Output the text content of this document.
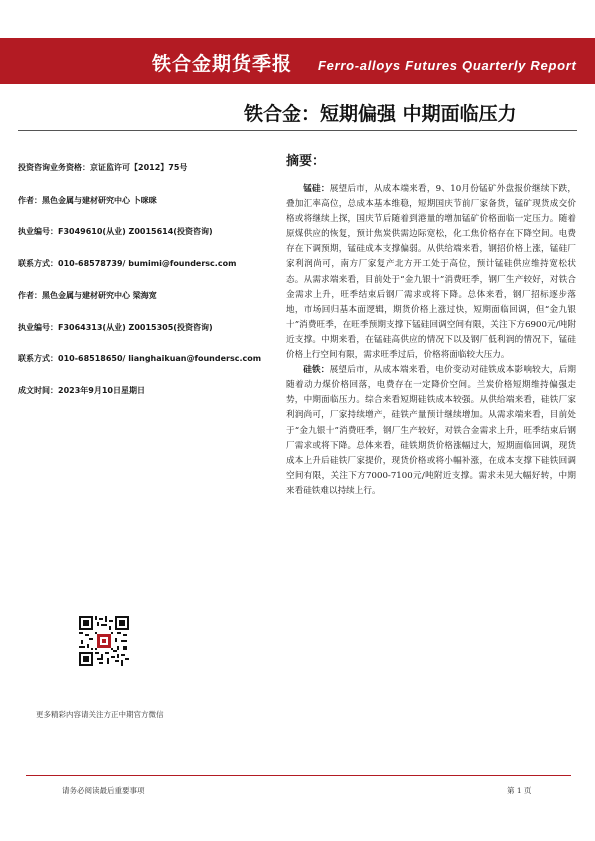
铁合金期货季报 Ferro-alloys Futures Quarterly Report
铁合金：短期偏强 中期面临压力
投资咨询业务资格：京证监许可【2012】75号
作者：黑色金属与建材研究中心 卜咪咪
执业编号：F3049610(从业) Z0015614(投资咨询)
联系方式：010-68578739/ bumimi@foundersc.com
作者：黑色金属与建材研究中心 梁海宽
执业编号：F3064313(从业) Z0015305(投资咨询)
联系方式：010-68518650/ lianghaikuan@foundersc.com
成文时间：2023年9月10日星期日
摘要：

锰硅：展望后市，从成本端来看，9、10月份锰矿外盘报价继续下跌，叠加汇率高位，总成本基本维稳，短期国庆节前厂家备货，锰矿现货成交价格或将继续上探，国庆节后随着到港量的增加锰矿价格面临一定压力。随着原煤供应的恢复，预计焦炭供需边际宽松，化工焦价格存在下降空间。电费存在下调预期，锰硅成本支撑偏弱。从供给端来看，钢招价格上涨，锰硅厂家利润尚可，南方厂家复产北方开工处于高位，预计锰硅供应维持宽松状态。从需求端来看，目前处于“金九银十”消费旺季，钢厂生产较好，对铁合金需求上升，旺季结束后钢厂需求或将下降。总体来看，钢厂招标逐步落地，市场回归基本面逻辑，期货价格上涨过快，短期面临回调，但“金九银十”消费旺季，在旺季预期支撑下锰硅回调空间有限，关注下方6900元/吨附近支撑。中期来看，在锰硅高供应的情况下以及钢厂低利润的情况下，锰硅价格上行空间有限，需求旺季过后，价格将面临较大压力。

硅铁：展望后市，从成本端来看，电价变动对硅铁成本影响较大，后期随着动力煤价格回落，电费存在一定降价空间。兰炭价格短期维持偏强走势，中期面临压力。综合来看短期硅铁成本较强。从供给端来看，硅铁厂家利润尚可，厂家持续增产，硅铁产量预计继续增加。从需求端来看，目前处于“金九银十”消费旺季，钢厂生产较好，对铁合金需求上升，旺季结束后钢厂需求或将下降。总体来看，硅铁期货价格涨幅过大，短期面临回调，现货成本上升后硅铁厂家提价，现货价格或将小幅补涨，在成本支撑下硅铁回调空间有限，关注下方7000-7100元/吨附近支撑。需求未见大幅好转，中期来看硅铁难以持续上行。

更多精彩内容请关注方正中期官方微信
请务必阅读最后重要事项	第 1 页
